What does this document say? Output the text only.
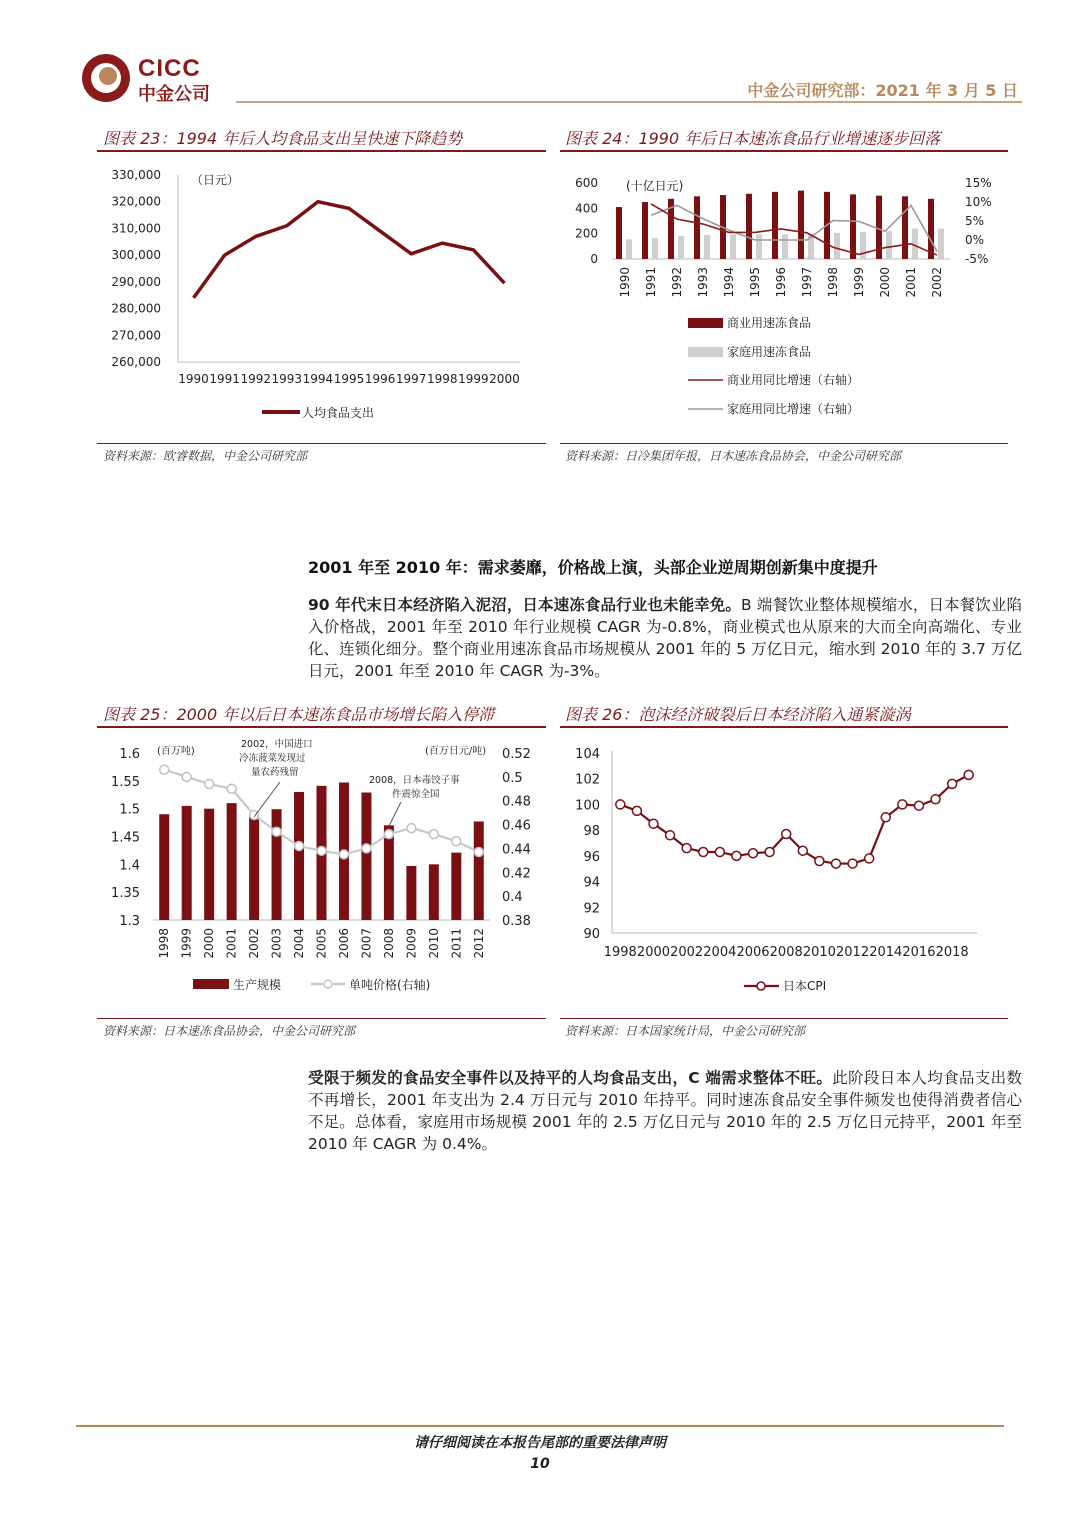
CICC
中金公司	中金公司研究部：2021 年 3 月 5 日
图表 23：1994 年后人均食品支出呈快速下降趋势
（日元）
330,000
320,000
310,000
300,000
290,000
280,000
270,000
260,000
1990 1991 1992 1993 1994 1995 1996 1997 1998 1999 2000
人均食品支出
资料来源：欧睿数据，中金公司研究部
图表 24：1990 年后日本速冻食品行业增速逐步回落
(十亿日元)
600
400
200
0
15%
10%
5%
0%
-5%
1990 1991 1992 1993 1994 1995 1996 1997 1998 1999 2000 2001 2002
商业用速冻食品
家庭用速冻食品
商业用同比增速（右轴）
家庭用同比增速（右轴）
资料来源：日冷集团年报，日本速冻食品协会，中金公司研究部
2001 年至 2010 年：需求萎靡，价格战上演，头部企业逆周期创新集中度提升
90 年代末日本经济陷入泥沼，日本速冻食品行业也未能幸免。B 端餐饮业整体规模缩水，日本餐饮业陷入价格战，2001 年至 2010 年行业规模 CAGR 为-0.8%，商业模式也从原来的大而全向高端化、专业化、连锁化细分。整个商业用速冻食品市场规模从 2001 年的 5 万亿日元，缩水到 2010 年的 3.7 万亿日元，2001 年至 2010 年 CAGR 为-3%。
图表 25：2000 年以后日本速冻食品市场增长陷入停滞
(百万吨)	(百万日元/吨)
1.6
1.55
1.5
1.45
1.4
1.35
1.3
0.52
0.5
0.48
0.46
0.44
0.42
0.4
0.38
1998 1999 2000 2001 2002 2003 2004 2005 2006 2007 2008 2009 2010 2011 2012
2002，中国进口
冷冻菠菜发现过
量农药残留
2008，日本毒饺子事
件震惊全国
生产规模	单吨价格(右轴)
资料来源：日本速冻食品协会，中金公司研究部
图表 26：泡沫经济破裂后日本经济陷入通紧漩涡
104
102
100
98
96
94
92
90
1998 2000 2002 2004 2006 2008 2010 2012 2014 2016 2018
日本CPI
资料来源：日本国家统计局，中金公司研究部
受限于频发的食品安全事件以及持平的人均食品支出，C 端需求整体不旺。此阶段日本人均食品支出数不再增长，2001 年支出为 2.4 万日元与 2010 年持平。同时速冻食品安全事件频发也使得消费者信心不足。总体看，家庭用市场规模 2001 年的 2.5 万亿日元与 2010 年的 2.5 万亿日元持平，2001 年至 2010 年 CAGR 为 0.4%。
请仔细阅读在本报告尾部的重要法律声明
10
